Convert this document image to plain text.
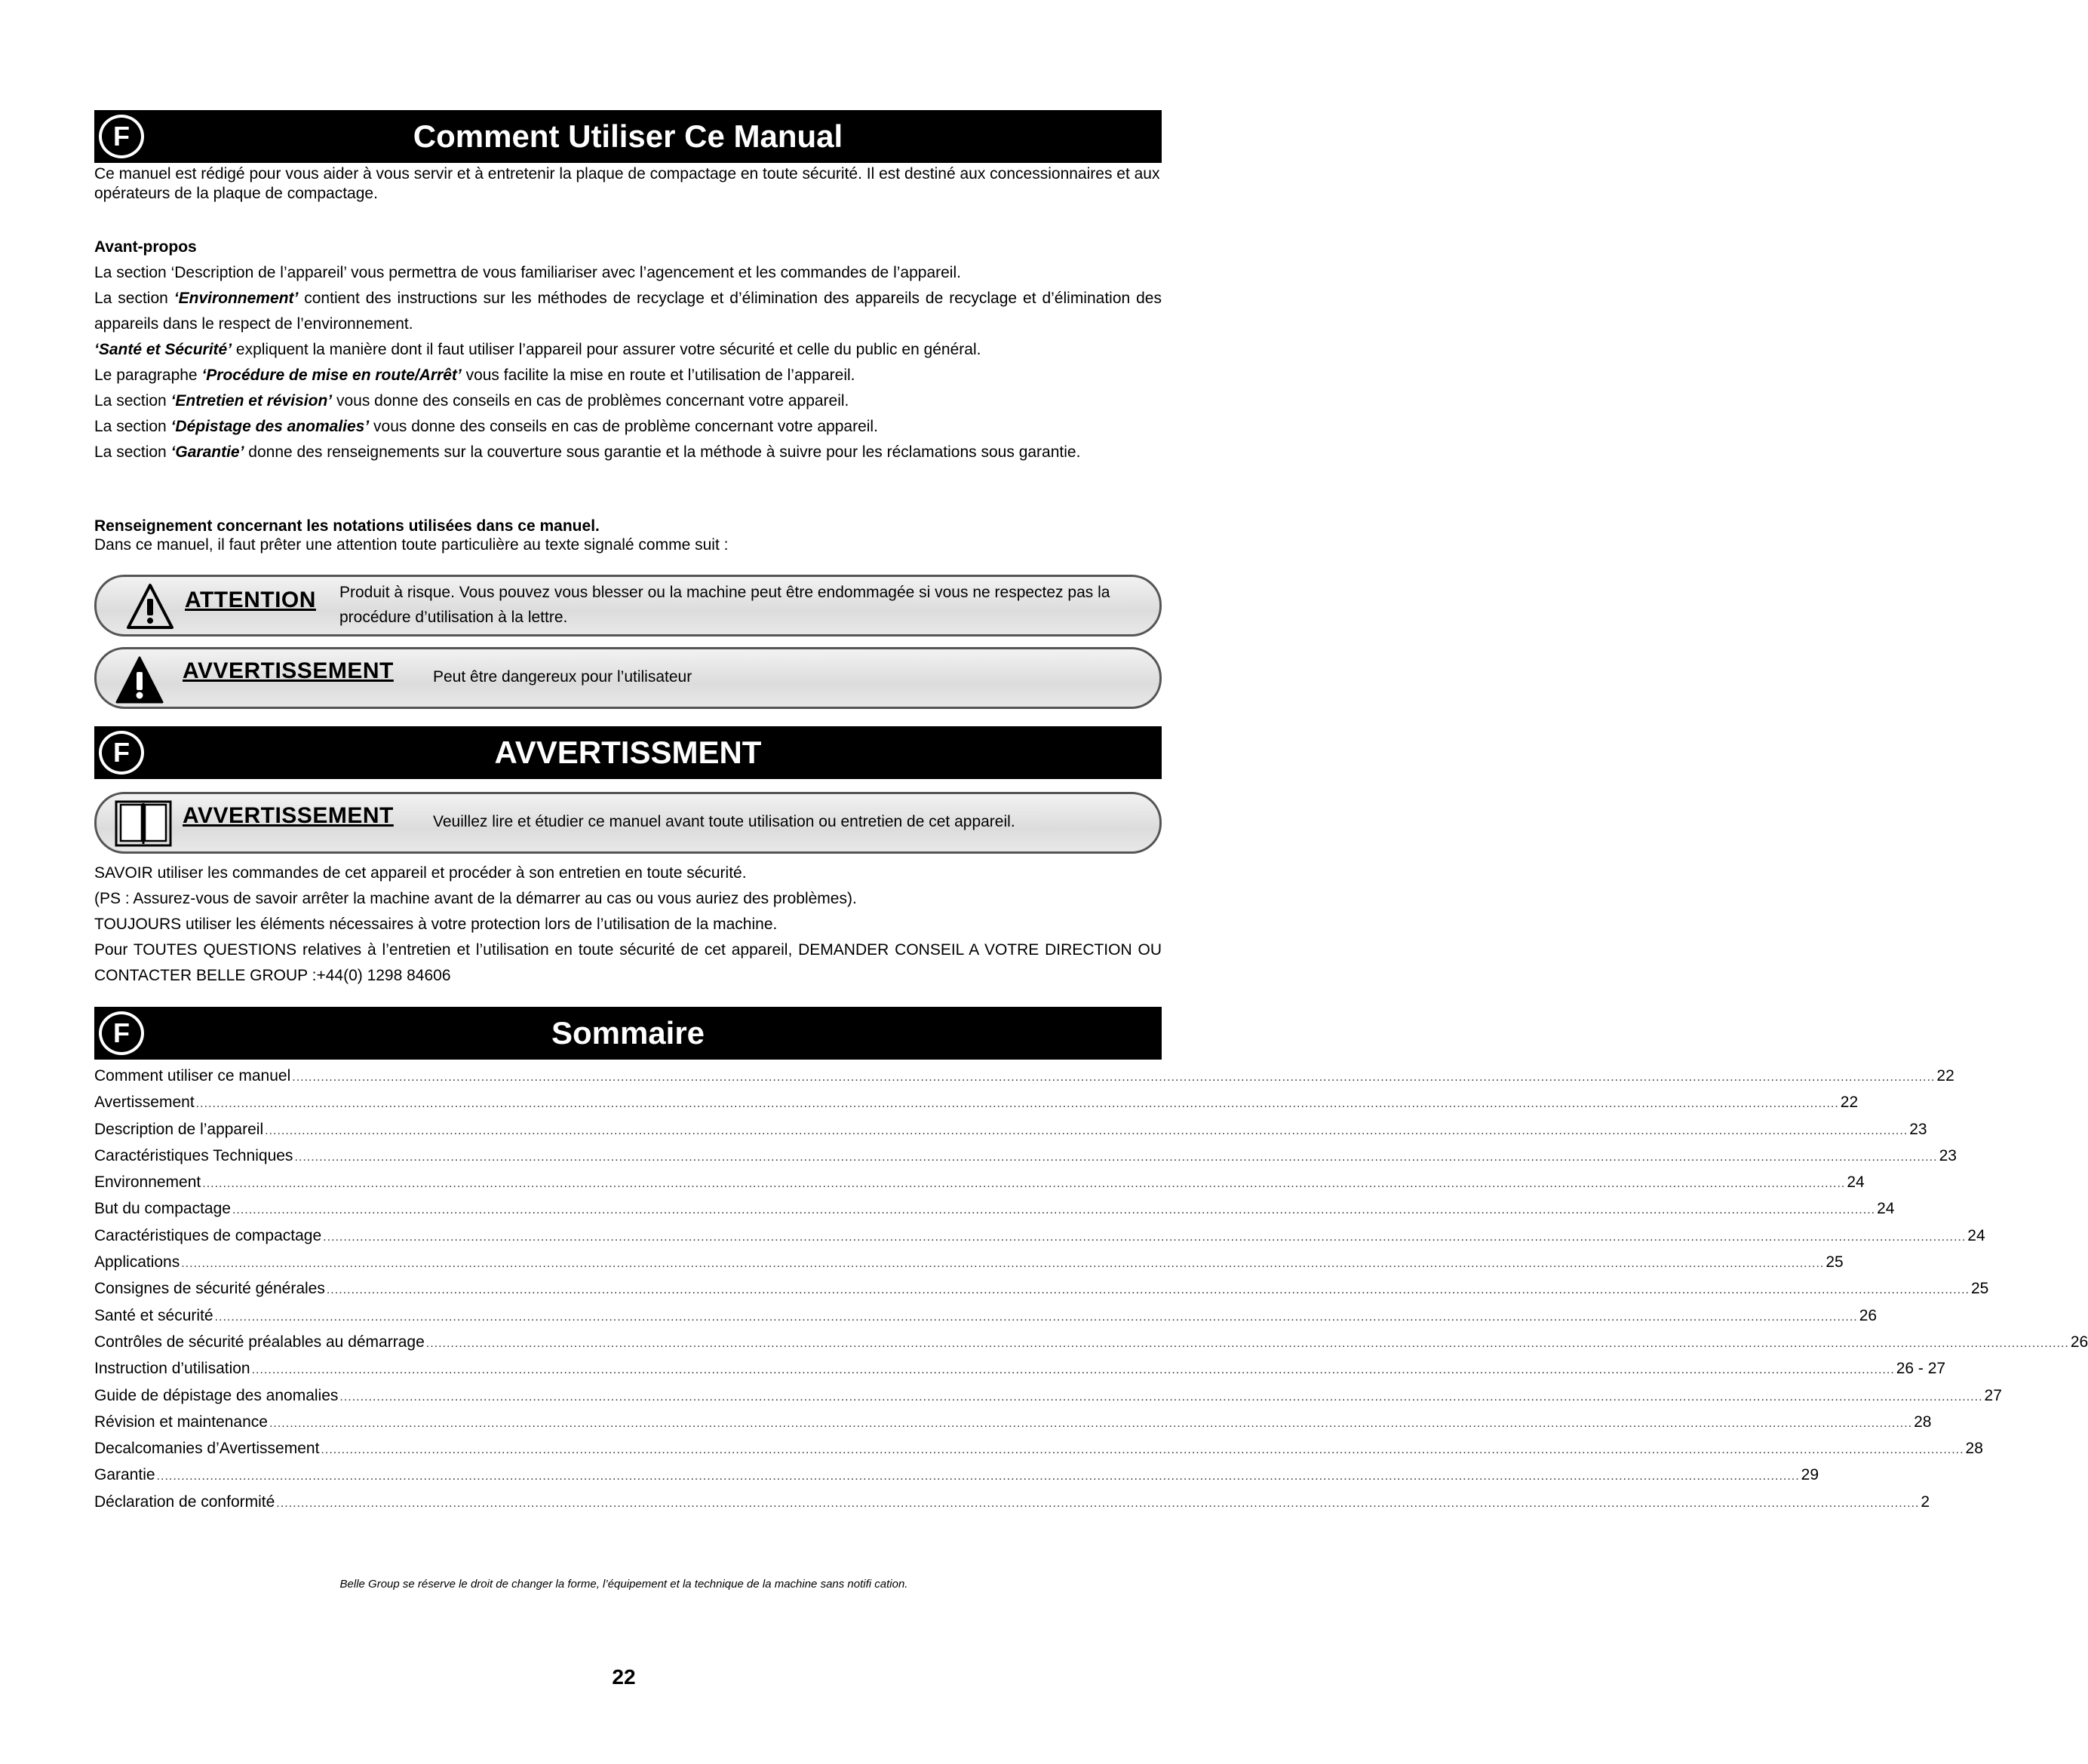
F	Comment Utiliser Ce Manual

Ce manuel est rédigé pour vous aider à vous servir et à entretenir la plaque de compactage en toute sécurité. Il est destiné aux concessionnaires et aux opérateurs de la plaque de compactage.

Avant-propos

La section ‘Description de l’appareil’ vous permettra de vous familiariser avec l’agencement et les commandes de l’appareil.

La section ‘Environnement’ contient des instructions sur les méthodes de recyclage et d’élimination des appareils de recyclage et d’élimination des appareils dans le respect de l’environnement.

‘Santé et Sécurité’ expliquent la manière dont il faut utiliser l’appareil pour assurer votre sécurité et celle du public en général.

Le paragraphe ‘Procédure de mise en route/Arrêt’ vous facilite la mise en route et l’utilisation de l’appareil.

La section ‘Entretien et révision’ vous donne des conseils en cas de problèmes concernant votre appareil.

La section ‘Dépistage des anomalies’ vous donne des conseils en cas de problème concernant votre appareil.

La section ‘Garantie’ donne des renseignements sur la couverture sous garantie et la méthode à suivre pour les réclamations sous garantie.

Renseignement concernant les notations utilisées dans ce manuel.

Dans ce manuel, il faut prêter une attention toute particulière au texte signalé comme suit :

ATTENTION Produit à risque. Vous pouvez vous blesser ou la machine peut être endommagée si vous ne respectez pas la procédure d’utilisation à la lettre.
AVVERTISSEMENT Peut être dangereux pour l’utilisateur
F	AVVERTISSMENT
AVVERTISSEMENT Veuillez lire et étudier ce manuel avant toute utilisation ou entretien de cet appareil.

SAVOIR utiliser les commandes de cet appareil et procéder à son entretien en toute sécurité.

(PS : Assurez-vous de savoir arrêter la machine avant de la démarrer au cas ou vous auriez des problèmes).

TOUJOURS utiliser les éléments nécessaires à votre protection lors de l’utilisation de la machine.

Pour TOUTES QUESTIONS relatives à l’entretien et l’utilisation en toute sécurité de cet appareil, DEMANDER CONSEIL A VOTRE DIRECTION OU CONTACTER BELLE GROUP :+44(0) 1298 84606

F	Sommaire
Comment utiliser ce manuel ................................................................................................................................................................................................................................................................................................................................................................................................................ 22
Avertissement ................................................................................................................................................................................................................................................................................................................................................................................................................ 22
Description de l’appareil ................................................................................................................................................................................................................................................................................................................................................................................................................ 23
Caractéristiques Techniques ................................................................................................................................................................................................................................................................................................................................................................................................................ 23
Environnement ................................................................................................................................................................................................................................................................................................................................................................................................................ 24
But du compactage ................................................................................................................................................................................................................................................................................................................................................................................................................ 24
Caractéristiques de compactage ................................................................................................................................................................................................................................................................................................................................................................................................................ 24
Applications ................................................................................................................................................................................................................................................................................................................................................................................................................ 25
Consignes de sécurité générales ................................................................................................................................................................................................................................................................................................................................................................................................................ 25
Santé et sécurité ................................................................................................................................................................................................................................................................................................................................................................................................................ 26
Contrôles de sécurité préalables au démarrage ................................................................................................................................................................................................................................................................................................................................................................................................................ 26
Instruction d’utilisation ................................................................................................................................................................................................................................................................................................................................................................................................................ 26 - 27
Guide de dépistage des anomalies ................................................................................................................................................................................................................................................................................................................................................................................................................ 27
Révision et maintenance ................................................................................................................................................................................................................................................................................................................................................................................................................ 28
Decalcomanies d’Avertissement ................................................................................................................................................................................................................................................................................................................................................................................................................ 28
Garantie ................................................................................................................................................................................................................................................................................................................................................................................................................ 29
Déclaration de conformité ................................................................................................................................................................................................................................................................................................................................................................................................................ 2
Belle Group se réserve le droit de changer la forme, l’équipement et la technique de la machine sans notifi cation.
22
